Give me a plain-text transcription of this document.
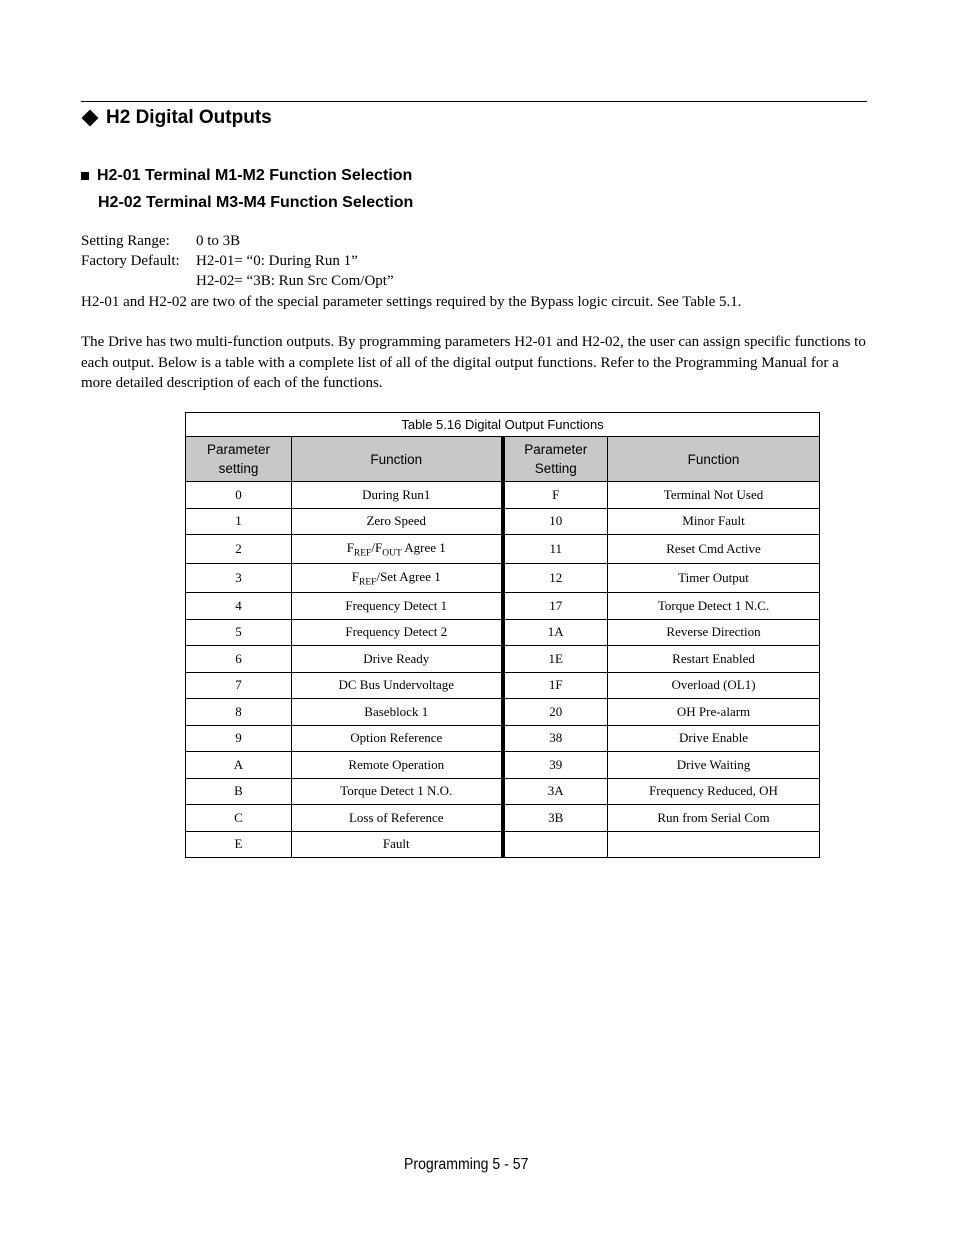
H2 Digital Outputs
H2-01 Terminal M1-M2 Function Selection
H2-02 Terminal M3-M4 Function Selection
Setting Range:	0 to 3B
Factory Default:	H2-01= “0: During Run 1”
H2-02= “3B: Run Src Com/Opt”
H2-01 and H2-02 are two of the special parameter settings required by the Bypass logic circuit. See Table 5.1.
The Drive has two multi-function outputs. By programming parameters H2-01 and H2-02, the user can assign specific functions to each output. Below is a table with a complete list of all of the digital output functions. Refer to the Programming Manual for a more detailed description of each of the functions.
Table 5.16 Digital Output Functions			
Parameter setting	Function	Parameter Setting	Function
0	During Run1	F	Terminal Not Used
1	Zero Speed	10	Minor Fault
2	$F_{REF}/F_{OUT}$ Agree 1	11	Reset Cmd Active
3	$F_{REF}$/Set Agree 1	12	Timer Output
4	Frequency Detect 1	17	Torque Detect 1 N.C.
5	Frequency Detect 2	1A	Reverse Direction
6	Drive Ready	1E	Restart Enabled
7	DC Bus Undervoltage	1F	Overload (OL1)
8	Baseblock 1	20	OH Pre-alarm
9	Option Reference	38	Drive Enable
A	Remote Operation	39	Drive Waiting
B	Torque Detect 1 N.O.	3A	Frequency Reduced, OH
C	Loss of Reference	3B	Run from Serial Com
E	Fault		
Programming 5 - 57
